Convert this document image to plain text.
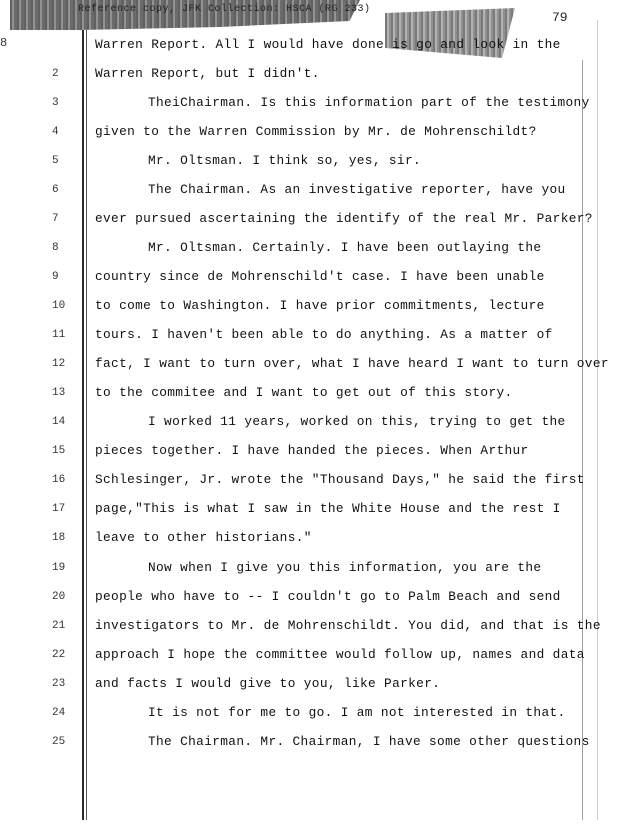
Reference copy, JFK Collection: HSCA (RG 233)
8
79
Warren Report. All I would have done is go and look in the
2	Warren Report, but I didn't.
3	TheiChairman. Is this information part of the testimony
4	given to the Warren Commission by Mr. de Mohrenschildt?
5	Mr. Oltsman. I think so, yes, sir.
6	The Chairman. As an investigative reporter, have you
7	ever pursued ascertaining the identify of the real Mr. Parker?
8	Mr. Oltsman. Certainly. I have been outlaying the
9	country since de Mohrenschild't case. I have been unable
10	to come to Washington. I have prior commitments, lecture
11	tours. I haven't been able to do anything. As a matter of
12	fact, I want to turn over, what I have heard I want to turn over
13	to the commitee and I want to get out of this story.
14	I worked 11 years, worked on this, trying to get the
15	pieces together. I have handed the pieces. When Arthur
16	Schlesinger, Jr. wrote the "Thousand Days," he said the first
17	page,"This is what I saw in the White House and the rest I
18	leave to other historians."
19	Now when I give you this information, you are the
20	people who have to -- I couldn't go to Palm Beach and send
21	investigators to Mr. de Mohrenschildt. You did, and that is the
22	approach I hope the committee would follow up, names and data
23	and facts I would give to you, like Parker.
24	It is not for me to go. I am not interested in that.
25	The Chairman. Mr. Chairman, I have some other questions
